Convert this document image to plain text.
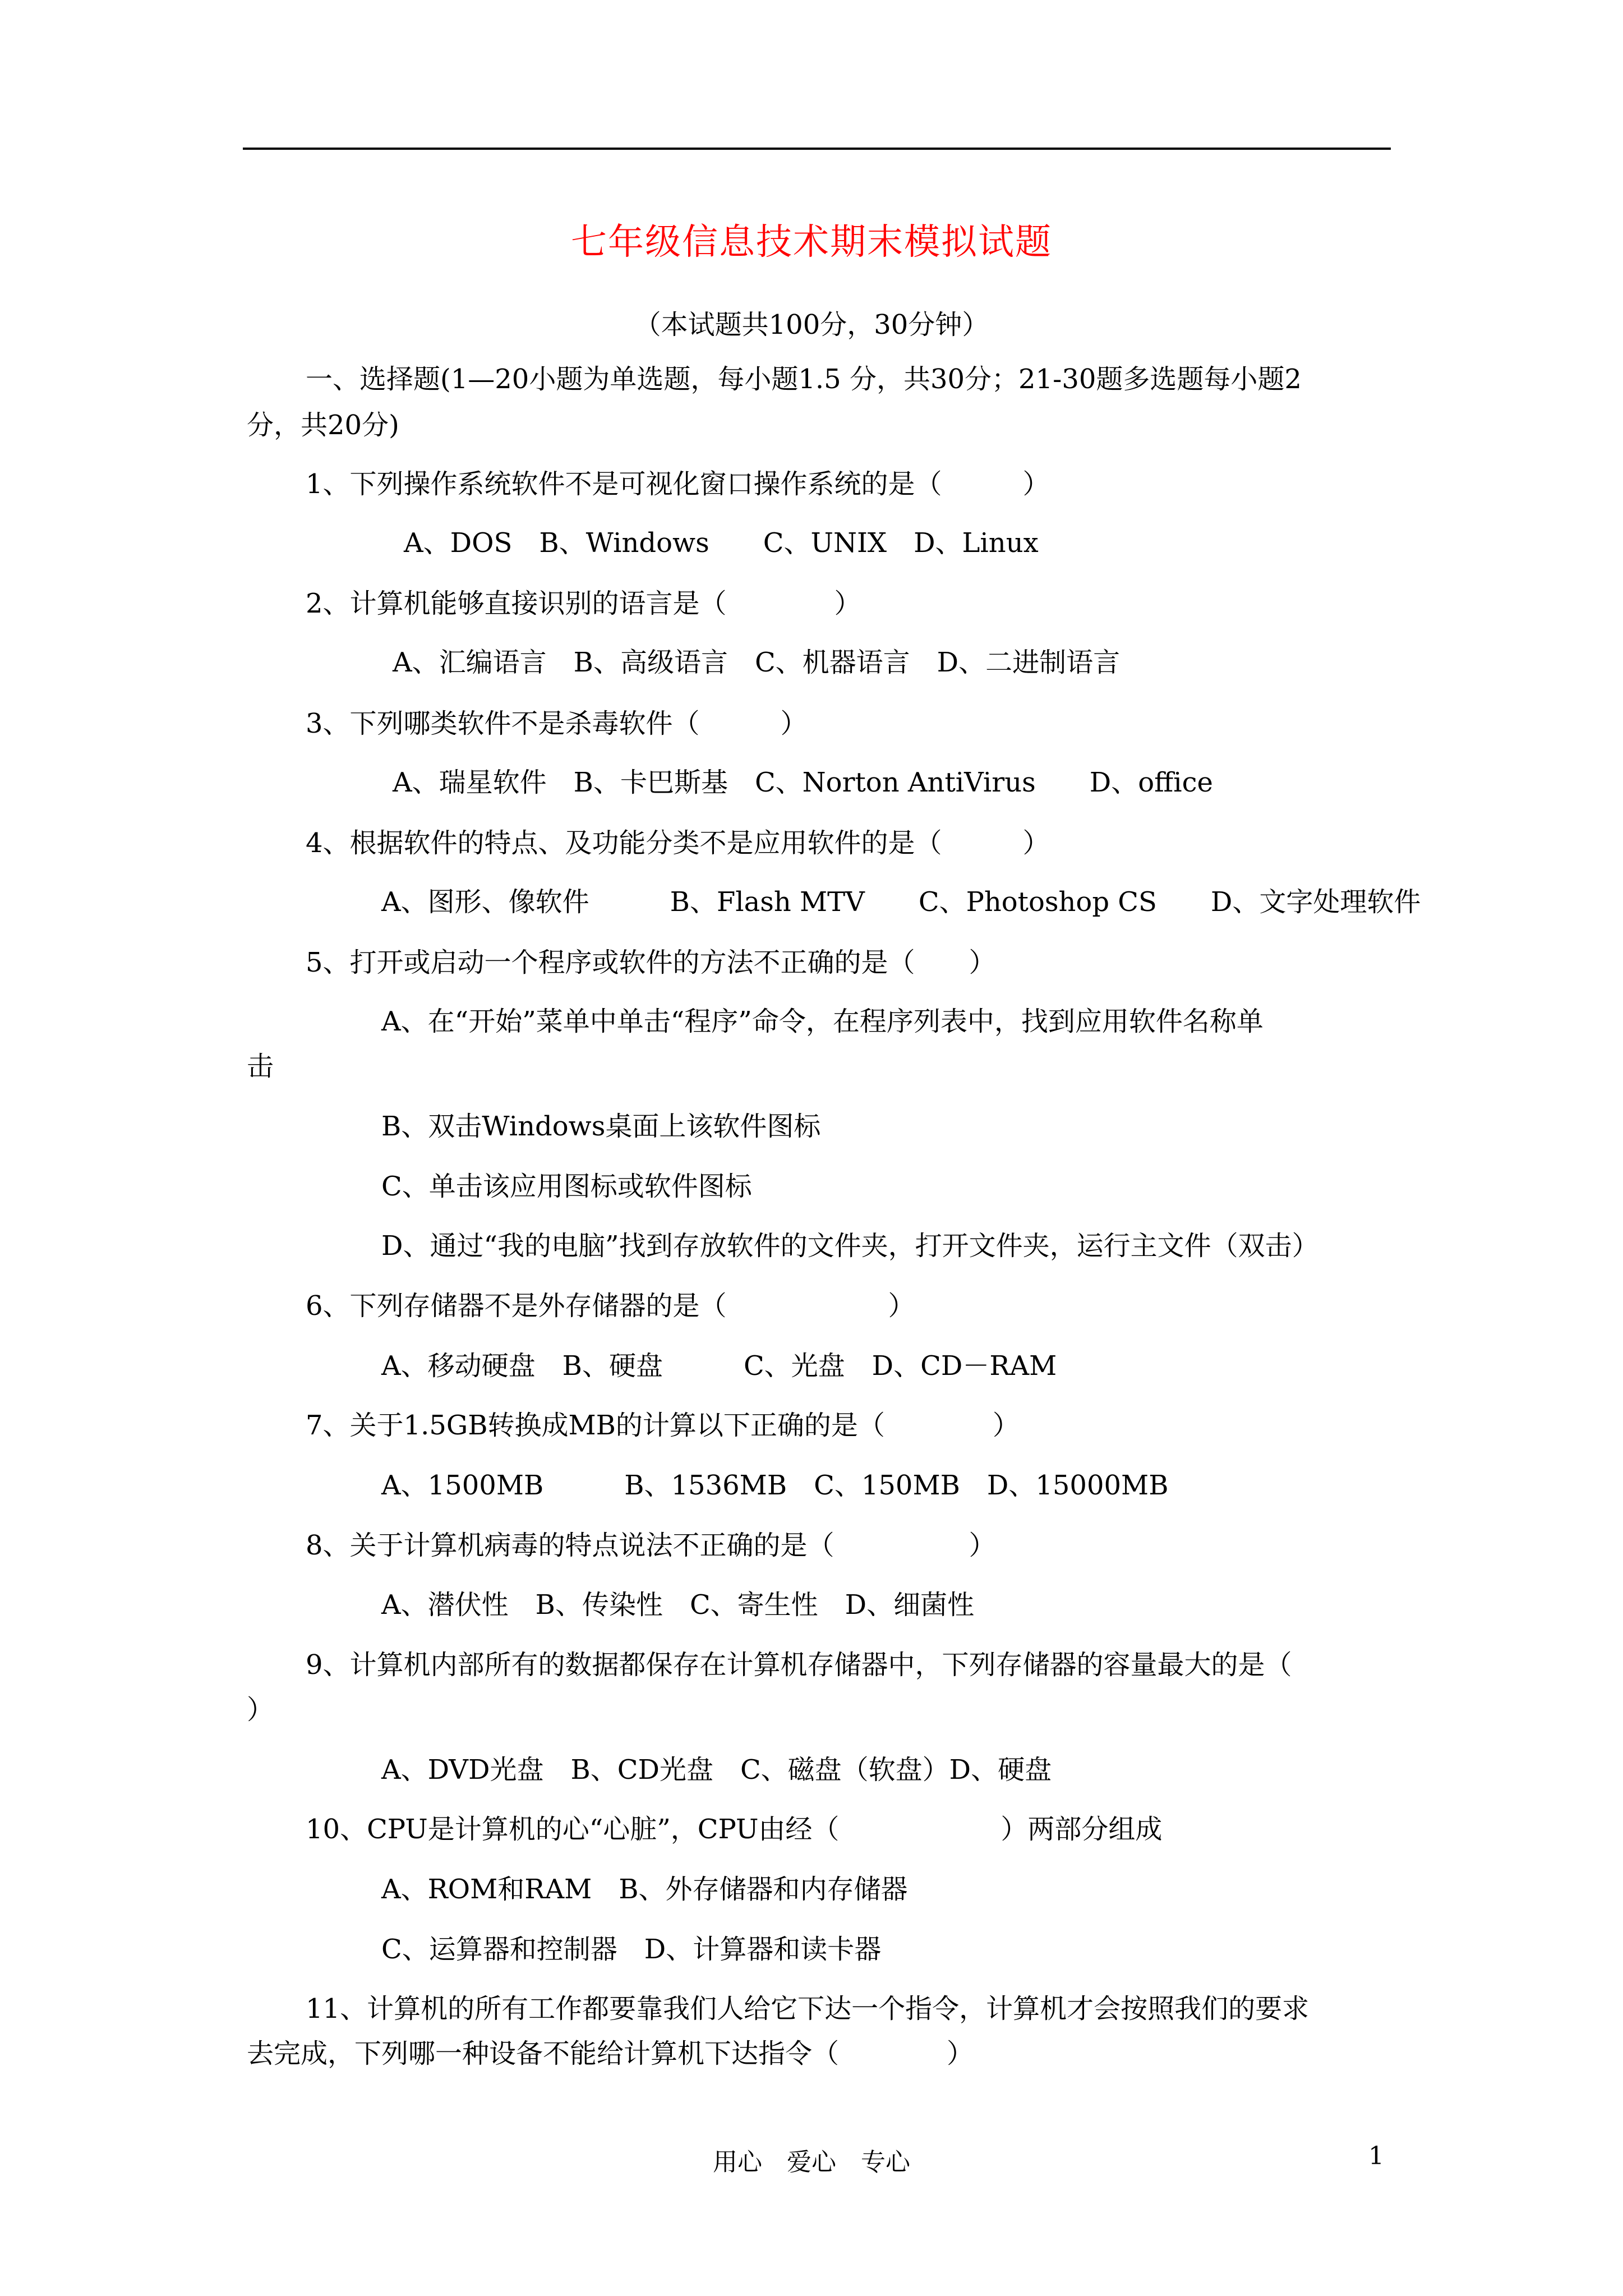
七年级信息技术期末模拟试题
（本试题共100分，30分钟）
一、选择题(1—20小题为单选题，每小题1.5 分，共30分；21-30题多选题每小题2
分，共20分)
1、下列操作系统软件不是可视化窗口操作系统的是（　　　）
A、DOS　B、Windows　　C、UNIX　D、Linux
2、计算机能够直接识别的语言是（　　　　）
A、汇编语言　B、高级语言　C、机器语言　D、二进制语言
3、下列哪类软件不是杀毒软件（　　　）
A、瑞星软件　B、卡巴斯基　C、Norton AntiVirus　　D、office
4、根据软件的特点、及功能分类不是应用软件的是（　　　）
A、图形、像软件　　　B、Flash MTV　　C、Photoshop CS　　D、文字处理软件
5、打开或启动一个程序或软件的方法不正确的是（　　）
A、在“开始”菜单中单击“程序”命令，在程序列表中，找到应用软件名称单
击
B、双击Windows桌面上该软件图标
C、单击该应用图标或软件图标
D、通过“我的电脑”找到存放软件的文件夹，打开文件夹，运行主文件（双击）
6、下列存储器不是外存储器的是（　　　　　　）
A、移动硬盘　B、硬盘　　　C、光盘　D、CD－RAM
7、关于1.5GB转换成MB的计算以下正确的是（　　　　）
A、1500MB　　　B、1536MB　C、150MB　D、15000MB
8、关于计算机病毒的特点说法不正确的是（　　　　　）
A、潜伏性　B、传染性　C、寄生性　D、细菌性
9、计算机内部所有的数据都保存在计算机存储器中，下列存储器的容量最大的是（
）
A、DVD光盘　B、CD光盘　C、磁盘（软盘）D、硬盘
10、CPU是计算机的心“心脏”，CPU由经（　　　　　　）两部分组成
A、ROM和RAM　B、外存储器和内存储器
C、运算器和控制器　D、计算器和读卡器
11、计算机的所有工作都要靠我们人给它下达一个指令，计算机才会按照我们的要求
去完成，下列哪一种设备不能给计算机下达指令（　　　　）
用心　爱心　专心	1
